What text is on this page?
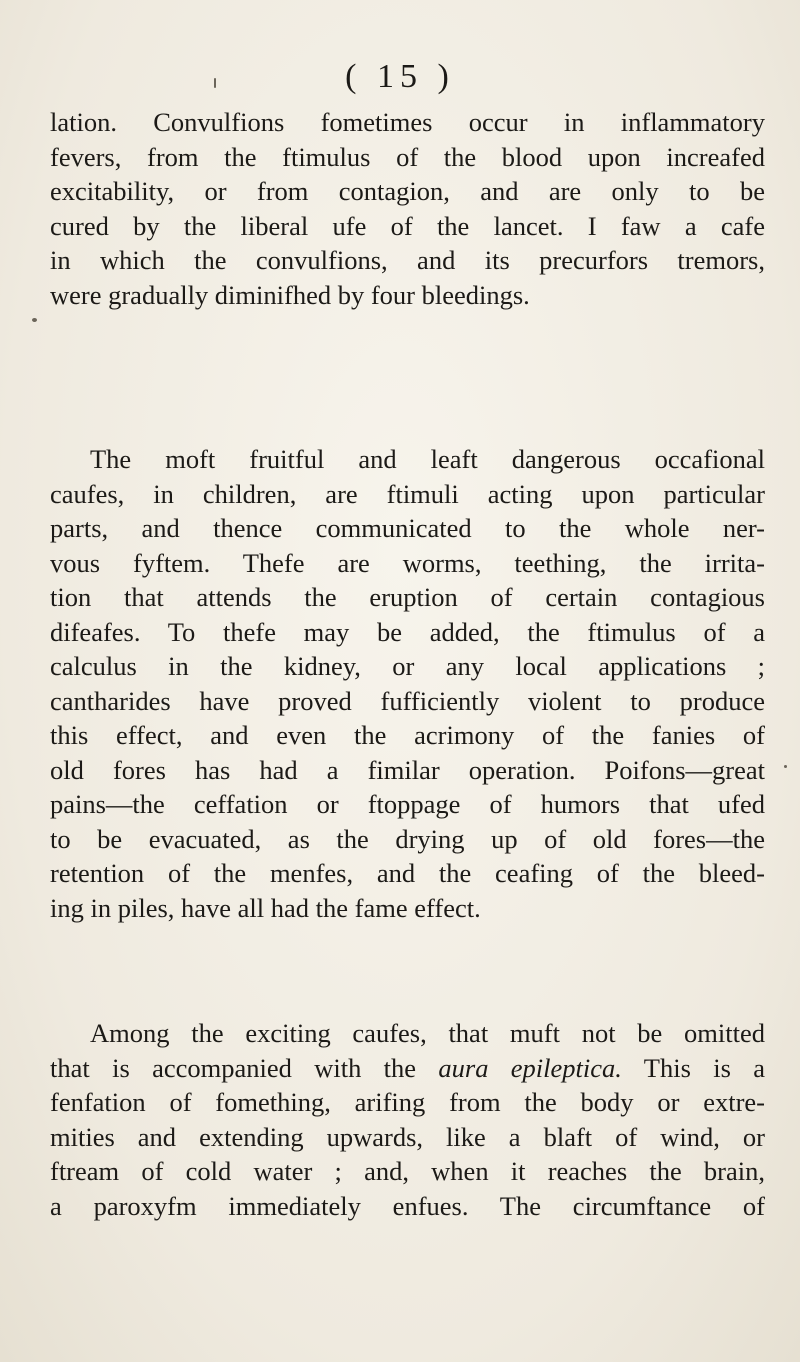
( 15 )
lation. Convulfions fometimes occur in inflammatory
fevers, from the ftimulus of the blood upon increafed
excitability, or from contagion, and are only to be
cured by the liberal ufe of the lancet. I faw a cafe
in which the convulfions, and its precurfors tremors,
were gradually diminifhed by four bleedings.
The moft fruitful and leaft dangerous occafional
caufes, in children, are ftimuli acting upon particular
parts, and thence communicated to the whole ner-
vous fyftem. Thefe are worms, teething, the irrita-
tion that attends the eruption of certain contagious
difeafes. To thefe may be added, the ftimulus of a
calculus in the kidney, or any local applications ;
cantharides have proved fufficiently violent to produce
this effect, and even the acrimony of the fanies of
old fores has had a fimilar operation. Poifons—great
pains—the ceffation or ftoppage of humors that ufed
to be evacuated, as the drying up of old fores—the
retention of the menfes, and the ceafing of the bleed-
ing in piles, have all had the fame effect.
Among the exciting caufes, that muft not be omitted
that is accompanied with the aura epileptica. This is a
fenfation of fomething, arifing from the body or extre-
mities and extending upwards, like a blaft of wind, or
ftream of cold water ; and, when it reaches the brain,
a paroxyfm immediately enfues. The circumftance of
